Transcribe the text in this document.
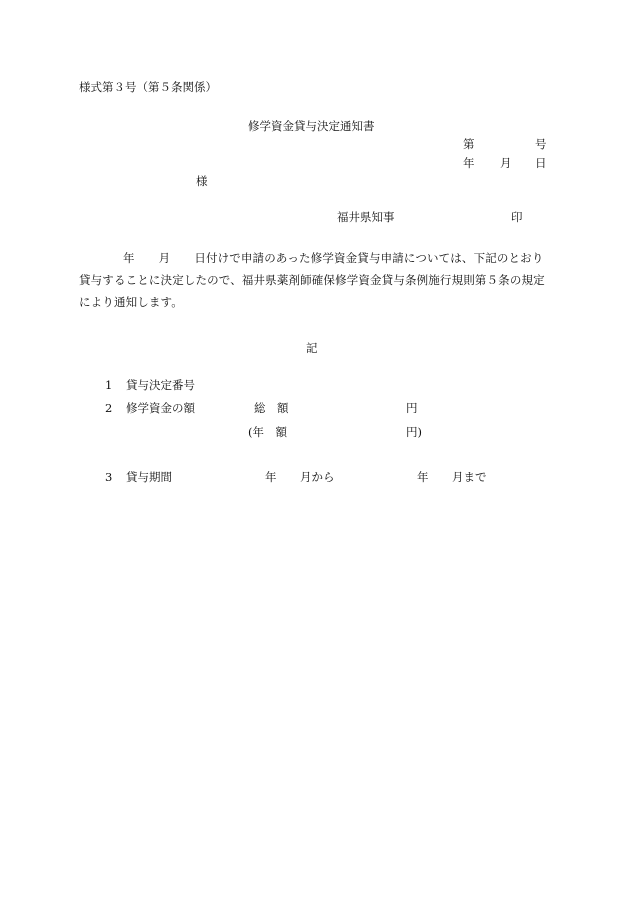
様式第３号（第５条関係）
修学資金貸与決定通知書
第	号
年 月 日
様
福井県知事	印
年 月 日付けで申請のあった修学資金貸与申請については、下記のとおり貸与することに決定したので、福井県薬剤師確保修学資金貸与条例施行規則第５条の規定により通知します。
記
1 貸与決定番号
2 修学資金の額	総　額	円
(年　額	円)
3 貸与期間	年 月から	年 月まで
